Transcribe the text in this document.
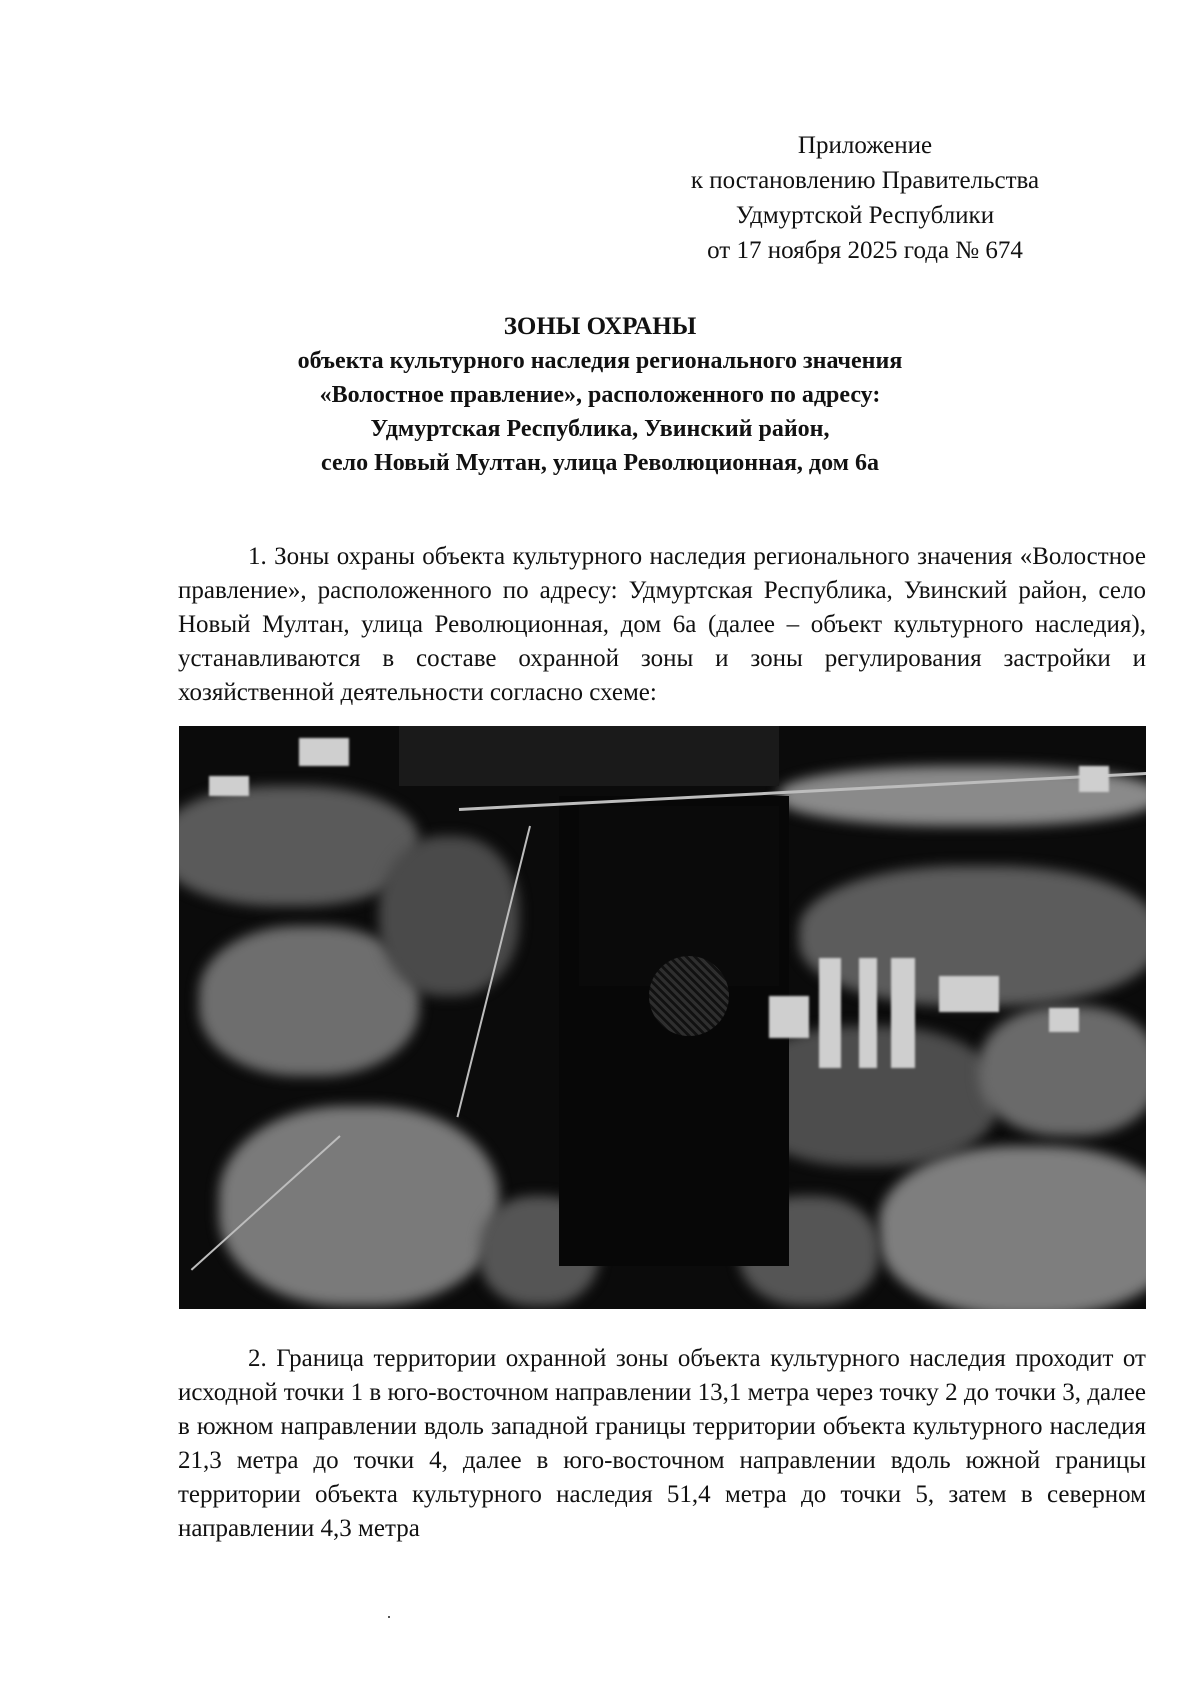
Приложение
к постановлению Правительства
Удмуртской Республики
от 17 ноября 2025 года № 674
ЗОНЫ ОХРАНЫ
объекта культурного наследия регионального значения
«Волостное правление», расположенного по адресу:
Удмуртская Республика, Увинский район,
село Новый Мултан, улица Революционная, дом 6а
1. Зоны охраны объекта культурного наследия регионального значения «Волостное правление», расположенного по адресу: Удмуртская Республика, Увинский район, село Новый Мултан, улица Революционная, дом 6а (далее – объект культурного наследия), устанавливаются в составе охранной зоны и зоны регулирования застройки и хозяйственной деятельности согласно схеме:
2. Граница территории охранной зоны объекта культурного наследия проходит от исходной точки 1 в юго-восточном направлении 13,1 метра через точку 2 до точки 3, далее в южном направлении вдоль западной границы территории объекта культурного наследия 21,3 метра до точки 4, далее в юго-восточном направлении вдоль южной границы территории объекта культурного наследия 51,4 метра до точки 5, затем в северном направлении 4,3 метра
